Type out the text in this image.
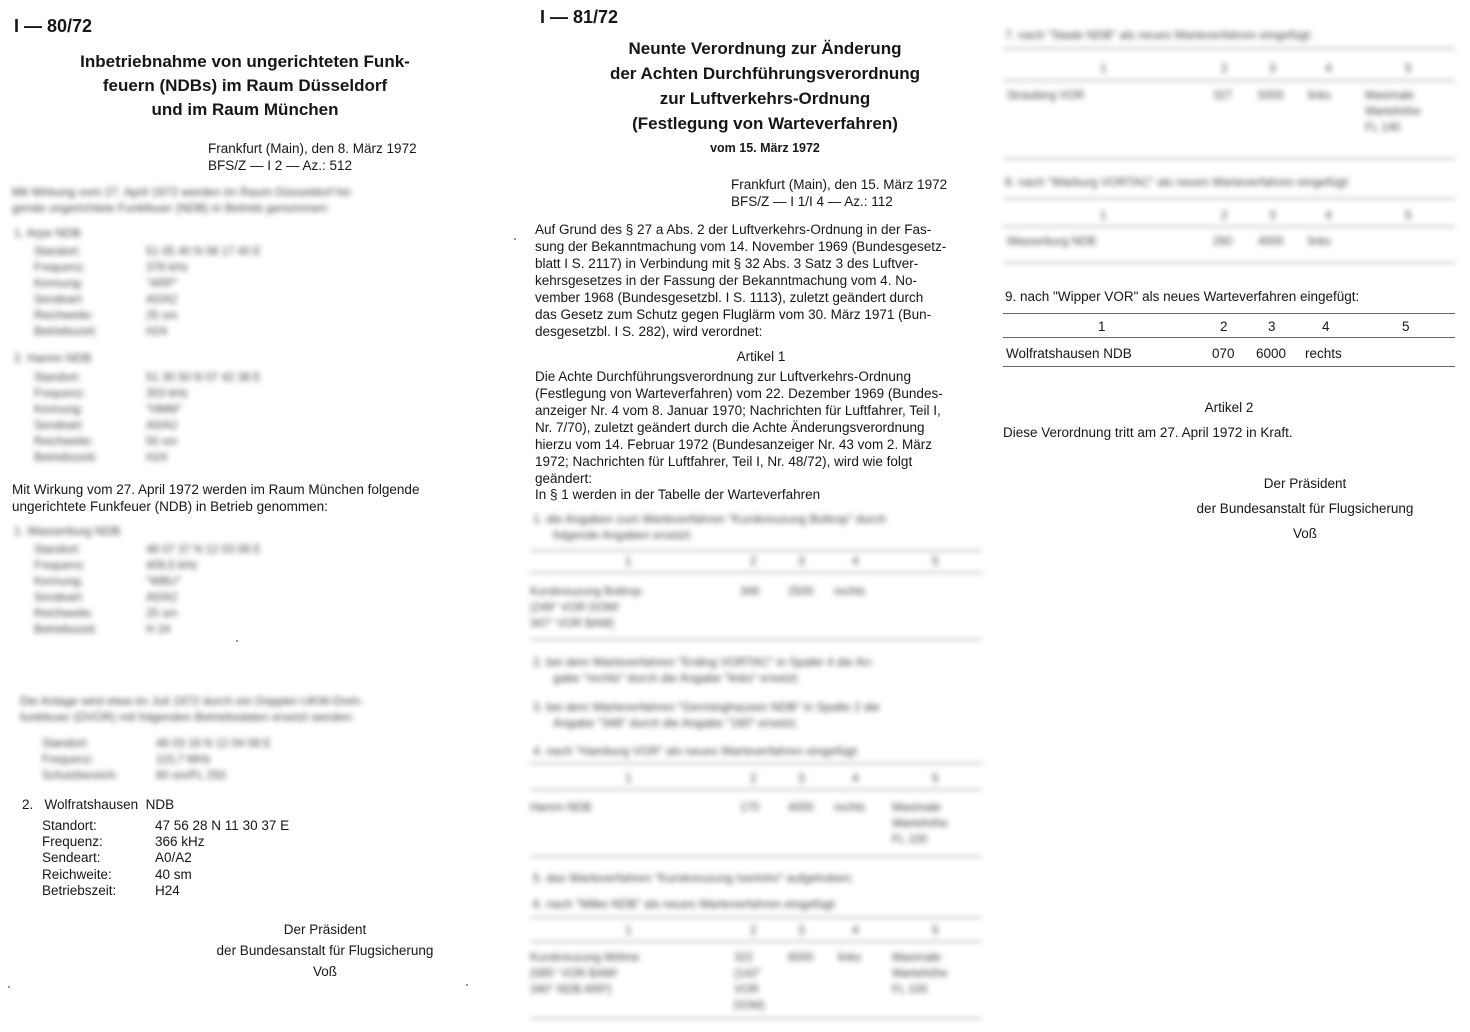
I — 80/72
Inbetriebnahme von ungerichteten Funk-
feuern (NDBs) im Raum Düsseldorf
und im Raum München
Frankfurt (Main), den 8. März 1972
BFS/Z — I 2 — Az.: 512
Mit Wirkung vom 27. April 1972 werden im Raum Düsseldorf fol-
gende ungerichtete Funkfeuer (NDB) in Betrieb genommen:
1. Arpe NDB
Standort:	51 05 40 N 08 17 40 E
Frequenz:	378 kHz
Kennung:	"ARP"
Sendeart:	A0/A2
Reichweite:	25 sm
Betriebszeit:	H24
2. Hamm NDB
Standort:	51 30 50 N 07 42 38 E
Frequenz:	303 kHz
Kennung:	"HMM"
Sendeart:	A0/A2
Reichweite:	50 sm
Betriebszeit:	H24
Mit Wirkung vom 27. April 1972 werden im Raum München folgende
ungerichtete Funkfeuer (NDB) in Betrieb genommen:
1. Wasserburg NDB
Standort:	48 07 37 N 12 03 08 E
Frequenz:	409,5 kHz
Kennung:	"WBU"
Sendeart:	A0/A2
Reichweite:	25 sm
Betriebszeit:	H 24
Die Anlage wird etwa im Juli 1972 durch ein Doppler-UKW-Dreh-
funkfeuer (DVOR) mit folgenden Betriebsdaten ersetzt werden:
Standort:	48 03 16 N 12 04 08 E
Frequenz:	115,7 MHz
Schutzbereich:	60 sm/FL 250
2. Wolfratshausen NDB
Standort:	47 56 28 N 11 30 37 E
Frequenz:	366 kHz
Sendeart:	A0/A2
Reichweite:	40 sm
Betriebszeit:	H24
Der Präsident
der Bundesanstalt für Flugsicherung
Voß
I — 81/72
Neunte Verordnung zur Änderung
der Achten Durchführungsverordnung
zur Luftverkehrs-Ordnung
(Festlegung von Warteverfahren)
vom 15. März 1972
Frankfurt (Main), den 15. März 1972
BFS/Z — I 1/I 4 — Az.: 112
Auf Grund des § 27 a Abs. 2 der Luftverkehrs-Ordnung in der Fas-
sung der Bekanntmachung vom 14. November 1969 (Bundesgesetz-
blatt I S. 2117) in Verbindung mit § 32 Abs. 3 Satz 3 des Luftver-
kehrsgesetzes in der Fassung der Bekanntmachung vom 4. No-
vember 1968 (Bundesgesetzbl. I S. 1113), zuletzt geändert durch
das Gesetz zum Schutz gegen Fluglärm vom 30. März 1971 (Bun-
desgesetzbl. I S. 282), wird verordnet:
Artikel 1
Die Achte Durchführungsverordnung zur Luftverkehrs-Ordnung
(Festlegung von Warteverfahren) vom 22. Dezember 1969 (Bundes-
anzeiger Nr. 4 vom 8. Januar 1970; Nachrichten für Luftfahrer, Teil I,
Nr. 7/70), zuletzt geändert durch die Achte Änderungsverordnung
hierzu vom 14. Februar 1972 (Bundesanzeiger Nr. 43 vom 2. März
1972; Nachrichten für Luftfahrer, Teil I, Nr. 48/72), wird wie folgt
geändert:
In § 1 werden in der Tabelle der Warteverfahren
1. die Angaben zum Warteverfahren "Kurskreuzung Bottrop" durch
folgende Angaben ersetzt:
1	2	3	4	5
Kurskreuzung Bottrop
(249° VOR DOM/
347° VOR BAM)
349	2500 rechts
2. bei dem Warteverfahren "Erding VORTAC" in Spalte 4 die An-
gabe "rechts" durch die Angabe "links" ersetzt;
3. bei dem Warteverfahren "Germinghausen NDB" in Spalte 2 die
Angabe "348" durch die Angabe "160" ersetzt;
4. nach "Hamburg VOR" als neues Warteverfahren eingefügt:
1	2	3	4	5
Hamm NDB	170	4000 rechts Maximale
Wartehöhe
FL 100
5. das Warteverfahren "Kurskreuzung Iserlohn" aufgehoben;
6. nach "Milke NDB" als neues Warteverfahren eingefügt:
1	2	3	4	5
Kurskreuzung Möhne
(085° VOR BAM/
340° NDB ARP)
322
(142°
VOR
DOM)
6000 links	Maximale
Wartehöhe
FL 100
7. nach "Stade NDB" als neues Warteverfahren eingefügt:
1	2	3	4	5
Straubing VOR	327 5000 links	Maximale
Wartehöhe
FL 140
8. nach "Warburg VORTAC" als neues Warteverfahren eingefügt:
1	2	3	4	5
Wasserburg NDB	260 4000 links
9. nach "Wipper VOR" als neues Warteverfahren eingefügt:
1	2	3	4	5
Wolfratshausen NDB	070 6000 rechts
Artikel 2
Diese Verordnung tritt am 27. April 1972 in Kraft.
Der Präsident
der Bundesanstalt für Flugsicherung
Voß
